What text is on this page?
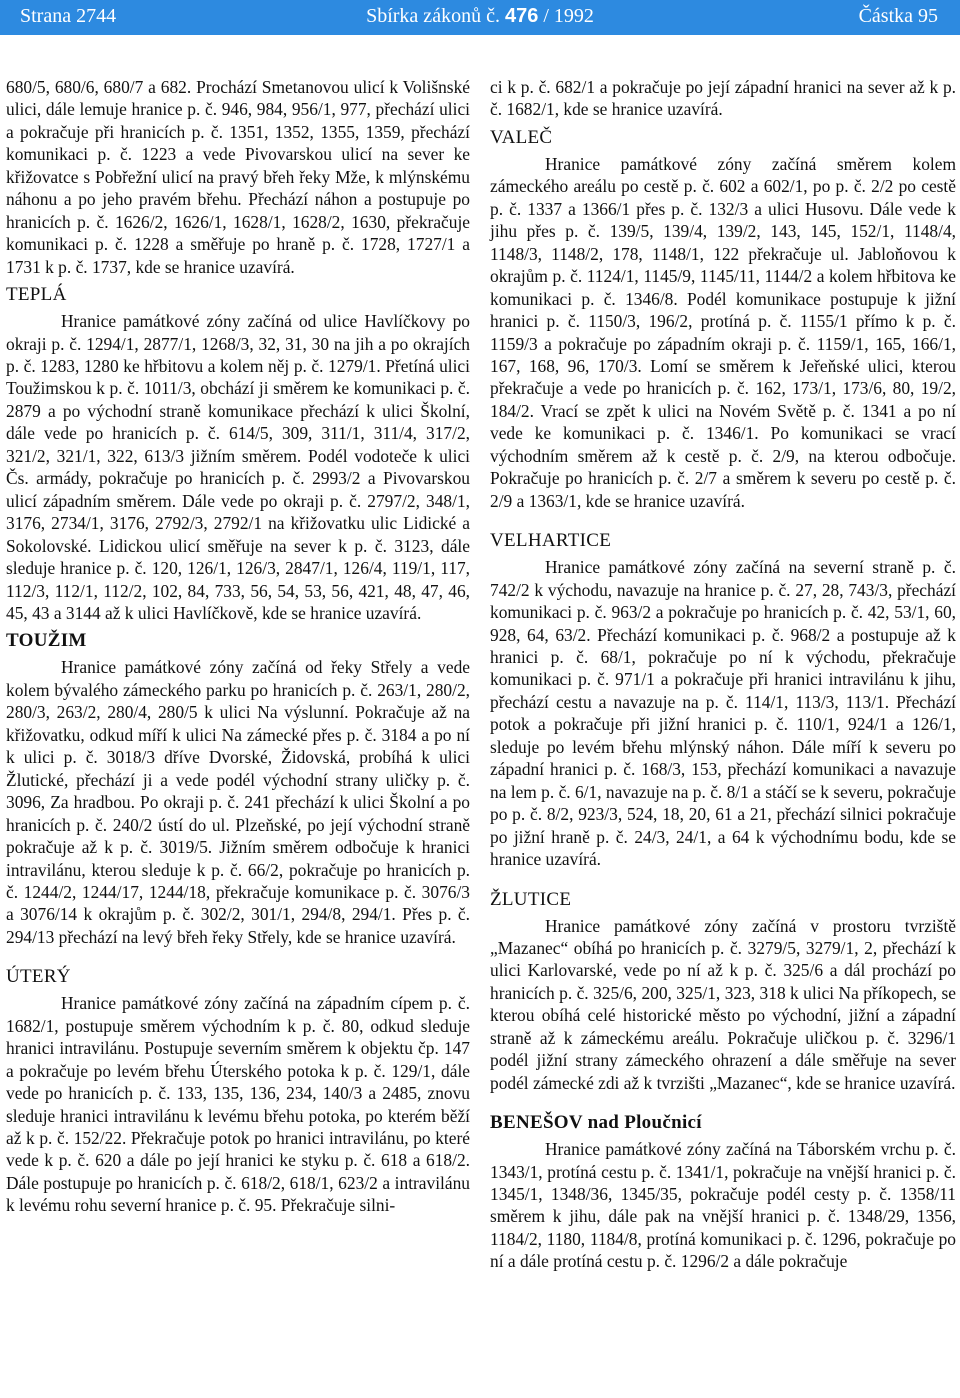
Strana 2744	Sbírka zákonů č. 476 / 1992	Částka 95

680/5, 680/6, 680/7 a 682. Prochází Smetanovou ulicí k Volišnské ulici, dále lemuje hranice p. č. 946, 984, 956/1, 977, přechází ulici a pokračuje při hranicích p. č. 1351, 1352, 1355, 1359, přechází komunikaci p. č. 1223 a vede Pivovarskou ulicí na sever ke křižovatce s Pobřežní ulicí na pravý břeh řeky Mže, k mlýnskému náhonu a po jeho pravém břehu. Přechází náhon a postupuje po hranicích p. č. 1626/2, 1626/1, 1628/1, 1628/2, 1630, překračuje komunikaci p. č. 1228 a směřuje po hraně p. č. 1728, 1727/1 a 1731 k p. č. 1737, kde se hranice uzavírá.

TEPLÁ

Hranice památkové zóny začíná od ulice Havlíčkovy po okraji p. č. 1294/1, 2877/1, 1268/3, 32, 31, 30 na jih a po okrajích p. č. 1283, 1280 ke hřbitovu a kolem něj p. č. 1279/1. Přetíná ulici Toužimskou k p. č. 1011/3, obchází ji směrem ke komunikaci p. č. 2879 a po východní straně komunikace přechází k ulici Školní, dále vede po hranicích p. č. 614/5, 309, 311/1, 311/4, 317/2, 321/2, 321/1, 322, 613/3 jižním směrem. Podél vodoteče k ulici Čs. armády, pokračuje po hranicích p. č. 2993/2 a Pivovarskou ulicí západním směrem. Dále vede po okraji p. č. 2797/2, 348/1, 3176, 2734/1, 3176, 2792/3, 2792/1 na křižovatku ulic Lidické a Sokolovské. Lidickou ulicí směřuje na sever k p. č. 3123, dále sleduje hranice p. č. 120, 126/1, 126/3, 2847/1, 126/4, 119/1, 117, 112/3, 112/1, 112/2, 102, 84, 733, 56, 54, 53, 56, 421, 48, 47, 46, 45, 43 a 3144 až k ulici Havlíčkově, kde se hranice uzavírá.

TOUŽIM

Hranice památkové zóny začíná od řeky Střely a vede kolem bývalého zámeckého parku po hranicích p. č. 263/1, 280/2, 280/3, 263/2, 280/4, 280/5 k ulici Na výslunní. Pokračuje až na křižovatku, odkud míří k ulici Na zámecké přes p. č. 3184 a po ní k ulici p. č. 3018/3 dříve Dvorské, Židovská, probíhá k ulici Žlutické, přechází ji a vede podél východní strany uličky p. č. 3096, Za hradbou. Po okraji p. č. 241 přechází k ulici Školní a po hranicích p. č. 240/2 ústí do ul. Plzeňské, po její východní straně pokračuje až k p. č. 3019/5. Jižním směrem odbočuje k hranici intravilánu, kterou sleduje k p. č. 66/2, pokračuje po hranicích p. č. 1244/2, 1244/17, 1244/18, překračuje komunikace p. č. 3076/3 a 3076/14 k okrajům p. č. 302/2, 301/1, 294/8, 294/1. Přes p. č. 294/13 přechází na levý břeh řeky Střely, kde se hranice uzavírá.

ÚTERÝ

Hranice památkové zóny začíná na západním cípem p. č. 1682/1, postupuje směrem východním k p. č. 80, odkud sleduje hranici intravilánu. Postupuje severním směrem k objektu čp. 147 a pokračuje po levém břehu Úterského potoka k p. č. 129/1, dále vede po hranicích p. č. 133, 135, 136, 234, 140/3 a 2485, znovu sleduje hranici intravilánu k levému břehu potoka, po kterém běží až k p. č. 152/22. Překračuje potok po hranici intravilánu, po které vede k p. č. 620 a dále po její hranici ke styku p. č. 618 a 618/2. Dále postupuje po hranicích p. č. 618/2, 618/1, 623/2 a intravilánu k levému rohu severní hranice p. č. 95. Překračuje silni-

ci k p. č. 682/1 a pokračuje po její západní hranici na sever až k p. č. 1682/1, kde se hranice uzavírá.

VALEČ

Hranice památkové zóny začíná směrem kolem zámeckého areálu po cestě p. č. 602 a 602/1, po p. č. 2/2 po cestě p. č. 1337 a 1366/1 přes p. č. 132/3 a ulici Husovu. Dále vede k jihu přes p. č. 139/5, 139/4, 139/2, 143, 145, 152/1, 1148/4, 1148/3, 1148/2, 178, 1148/1, 122 překračuje ul. Jabloňovou k okrajům p. č. 1124/1, 1145/9, 1145/11, 1144/2 a kolem hřbitova ke komunikaci p. č. 1346/8. Podél komunikace postupuje k jižní hranici p. č. 1150/3, 196/2, protíná p. č. 1155/1 přímo k p. č. 1159/3 a pokračuje po západním okraji p. č. 1159/1, 165, 166/1, 167, 168, 96, 170/3. Lomí se směrem k Jeřeňské ulici, kterou překračuje a vede po hranicích p. č. 162, 173/1, 173/6, 80, 19/2, 184/2. Vrací se zpět k ulici na Novém Světě p. č. 1341 a po ní vede ke komunikaci p. č. 1346/1. Po komunikaci se vrací východním směrem až k cestě p. č. 2/9, na kterou odbočuje. Pokračuje po hranicích p. č. 2/7 a směrem k severu po cestě p. č. 2/9 a 1363/1, kde se hranice uzavírá.

VELHARTICE

Hranice památkové zóny začíná na severní straně p. č. 742/2 k východu, navazuje na hranice p. č. 27, 28, 743/3, přechází komunikaci p. č. 963/2 a pokračuje po hranicích p. č. 42, 53/1, 60, 928, 64, 63/2. Přechází komunikaci p. č. 968/2 a postupuje až k hranici p. č. 68/1, pokračuje po ní k východu, překračuje komunikaci p. č. 971/1 a pokračuje při hranici intravilánu k jihu, přechází cestu a navazuje na p. č. 114/1, 113/3, 113/1. Přechází potok a pokračuje při jižní hranici p. č. 110/1, 924/1 a 126/1, sleduje po levém břehu mlýnský náhon. Dále míří k severu po západní hranici p. č. 168/3, 153, přechází komunikaci a navazuje na lem p. č. 6/1, navazuje na p. č. 8/1 a stáčí se k severu, pokračuje po p. č. 8/2, 923/3, 524, 18, 20, 61 a 21, přechází silnici pokračuje po jižní hraně p. č. 24/3, 24/1, a 64 k východnímu bodu, kde se hranice uzavírá.

ŽLUTICE

Hranice památkové zóny začíná v prostoru tvrziště „Mazanec“ obíhá po hranicích p. č. 3279/5, 3279/1, 2, přechází k ulici Karlovarské, vede po ní až k p. č. 325/6 a dál prochází po hranicích p. č. 325/6, 200, 325/1, 323, 318 k ulici Na příkopech, se kterou obíhá celé historické město po východní, jižní a západní straně až k zámeckému areálu. Pokračuje uličkou p. č. 3296/1 podél jižní strany zámeckého ohrazení a dále směřuje na sever podél zámecké zdi až k tvrzišti „Mazanec“, kde se hranice uzavírá.

BENEŠOV nad Ploučnicí

Hranice památkové zóny začíná na Táborském vrchu p. č. 1343/1, protíná cestu p. č. 1341/1, pokračuje na vnější hranici p. č. 1345/1, 1348/36, 1345/35, pokračuje podél cesty p. č. 1358/11 směrem k jihu, dále pak na vnější hranici p. č. 1348/29, 1356, 1184/2, 1180, 1184/8, protíná komunikaci p. č. 1296, pokračuje po ní a dále protíná cestu p. č. 1296/2 a dále pokračuje
